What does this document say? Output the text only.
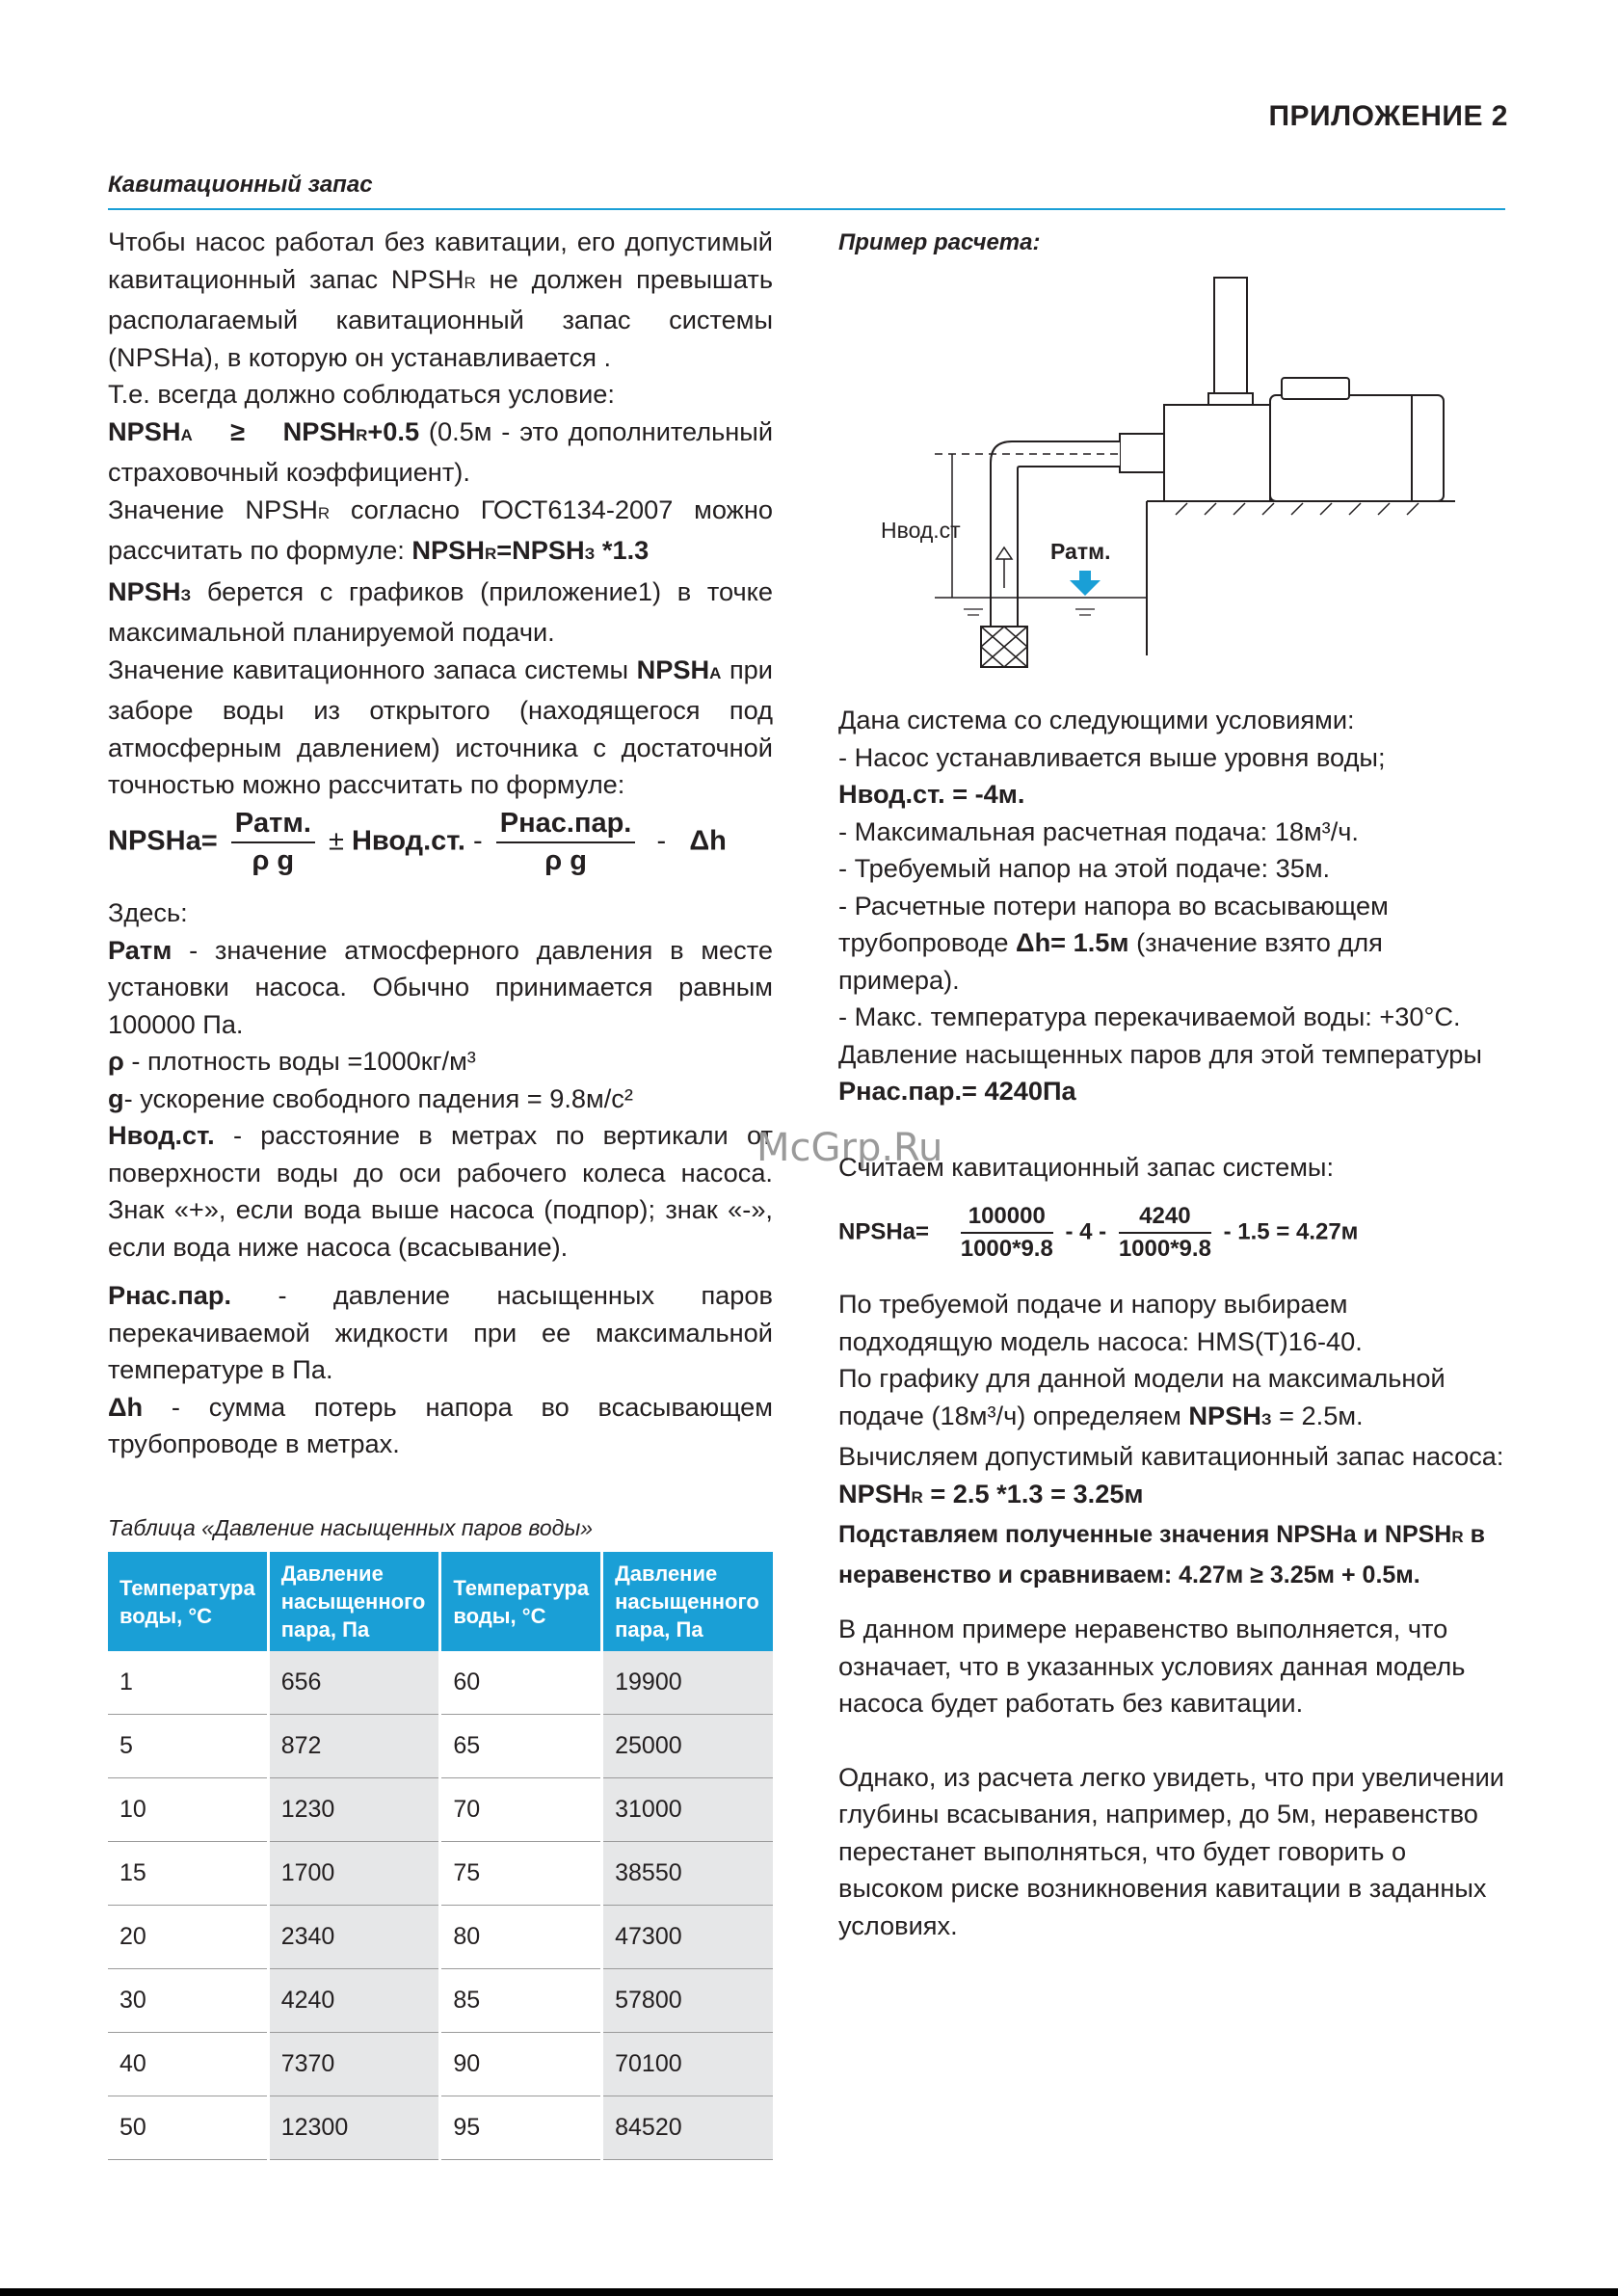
ПРИЛОЖЕНИЕ 2
Кавитационный запас

Чтобы насос работал без кавитации, его допустимый кавитационный запас NPSHR не должен превышать располагаемый кавитационный запас системы (NPSHa), в которую он устанавливается .

Т.е. всегда должно соблюдаться условие:

NPSHA ≥ NPSHR+0.5 (0.5м - это дополнительный страховочный коэффициент).

Значение NPSHR согласно ГОСТ6134-2007 можно рассчитать по формуле: NPSHR=NPSHЗ *1.3

NPSHЗ берется с графиков (приложение1) в точке максимальной планируемой подачи.

Значение кавитационного запаса системы NPSHA при заборе воды из открытого (находящегося под атмосферным давлением) источника с достаточной точностью можно рассчитать по формуле:

NPSHa= $\frac{\text{Pатм.}}{\text{ρ g}}$ ± Нвод.ст. - $\frac{\text{Рнас.пар.}}{\text{ρ g}}$ - Δh

Здесь:

Ратм - значение атмосферного давления в месте установки насоса. Обычно принимается равным 100000 Па.

ρ - плотность воды =1000кг/м³

g- ускорение свободного падения = 9.8м/с²

Нвод.ст. - расстояние в метрах по вертикали от поверхности воды до оси рабочего колеса насоса. Знак «+», если вода выше насоса (подпор); знак «-», если вода ниже насоса (всасывание).

Рнас.пар. - давление насыщенных паров перекачиваемой жидкости при ее максимальной температуре в Па.

Δh - сумма потерь напора во всасывающем трубопроводе в метрах.

Таблица «Давление насыщенных паров воды»
Температура воды, °С	Давление насыщенного пара, Па	Температура воды, °С	Давление насыщенного пара, Па
1	656	60	19900
5	872	65	25000
10	1230	70	31000
15	1700	75	38550
20	2340	80	47300
30	4240	85	57800
40	7370	90	70100
50	12300	95	84520
Пример расчета:
Нвод.ст
Ратм.

Дана система со следующими условиями:

- Насос устанавливается выше уровня воды;

Нвод.ст. = -4м.

- Максимальная расчетная подача: 18м³/ч.

- Требуемый напор на этой подаче: 35м.

- Расчетные потери напора во всасывающем трубопроводе Δh= 1.5м (значение взято для примера).

- Макс. температура перекачиваемой воды: +30°С.

Давление насыщенных паров для этой температуры Рнас.пар.= 4240Па

McGrp.Ru

Считаем кавитационный запас системы:

NPSHa= $\frac{100000}{1000*9.8} - 4 - \frac{4240}{1000*9.8} - 1.5 = 4.27м$

По требуемой подаче и напору выбираем подходящую модель насоса: HMS(T)16-40.

По графику для данной модели на максимальной подаче (18м³/ч) определяем NPSHЗ = 2.5м.

Вычисляем допустимый кавитационный запас насоса: NPSHR = 2.5 *1.3 = 3.25м

Подставляем полученные значения NPSHa и NPSHR в неравенство и сравниваем: 4.27м ≥ 3.25м + 0.5м.

В данном примере неравенство выполняется, что означает, что в указанных условиях данная модель насоса будет работать без кавитации.

Однако, из расчета легко увидеть, что при увеличении глубины всасывания, например, до 5м, неравенство перестанет выполняться, что будет говорить о высоком риске возникновения кавитации в заданных условиях.
